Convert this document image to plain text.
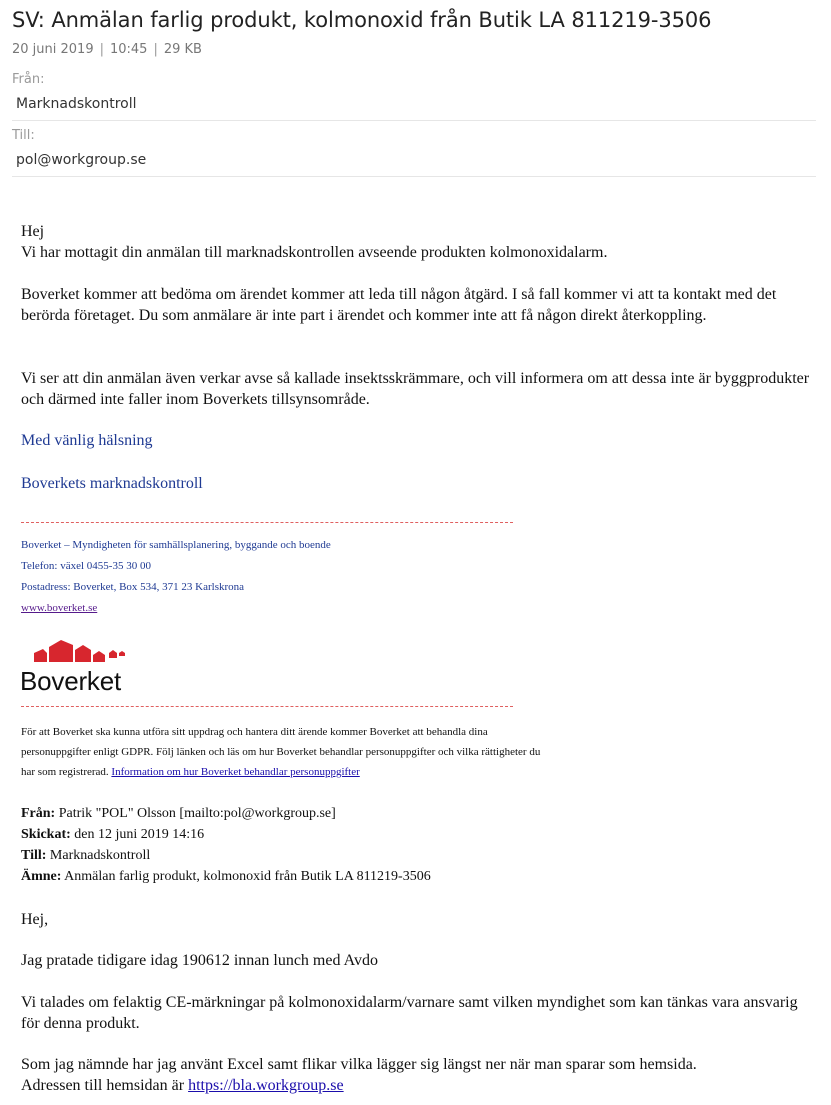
SV: Anmälan farlig produkt, kolmonoxid från Butik LA 811219-3506
20 juni 2019 | 10:45 | 29 KB
Från:
Marknadskontroll
Till:
pol@workgroup.se

Hej

Vi har mottagit din anmälan till marknadskontrollen avseende produkten kolmonoxidalarm.

Boverket kommer att bedöma om ärendet kommer att leda till någon åtgärd. I så fall kommer vi att ta kontakt med det berörda företaget. Du som anmälare är inte part i ärendet och kommer inte att få någon direkt återkoppling.

Vi ser att din anmälan även verkar avse så kallade insektsskrämmare, och vill informera om att dessa inte är byggprodukter och därmed inte faller inom Boverkets tillsynsområde.

Med vänlig hälsning

Boverkets marknadskontroll

Boverket – Myndigheten för samhällsplanering, byggande och boende
Telefon: växel 0455-35 30 00
Postadress: Boverket, Box 534, 371 23 Karlskrona
www.boverket.se
Boverket
För att Boverket ska kunna utföra sitt uppdrag och hantera ditt ärende kommer Boverket att behandla dina personuppgifter enligt GDPR. Följ länken och läs om hur Boverket behandlar personuppgifter och vilka rättigheter du har som registrerad. Information om hur Boverket behandlar personuppgifter
Från: Patrik "POL" Olsson [mailto:pol@workgroup.se]
Skickat: den 12 juni 2019 14:16
Till: Marknadskontroll
Ämne: Anmälan farlig produkt, kolmonoxid från Butik LA 811219-3506

Hej,

Jag pratade tidigare idag 190612 innan lunch med Avdo

Vi talades om felaktig CE-märkningar på kolmonoxidalarm/varnare samt vilken myndighet som kan tänkas vara ansvarig för denna produkt.

Som jag nämnde har jag använt Excel samt flikar vilka lägger sig längst ner när man sparar som hemsida.
Adressen till hemsidan är https://bla.workgroup.se
